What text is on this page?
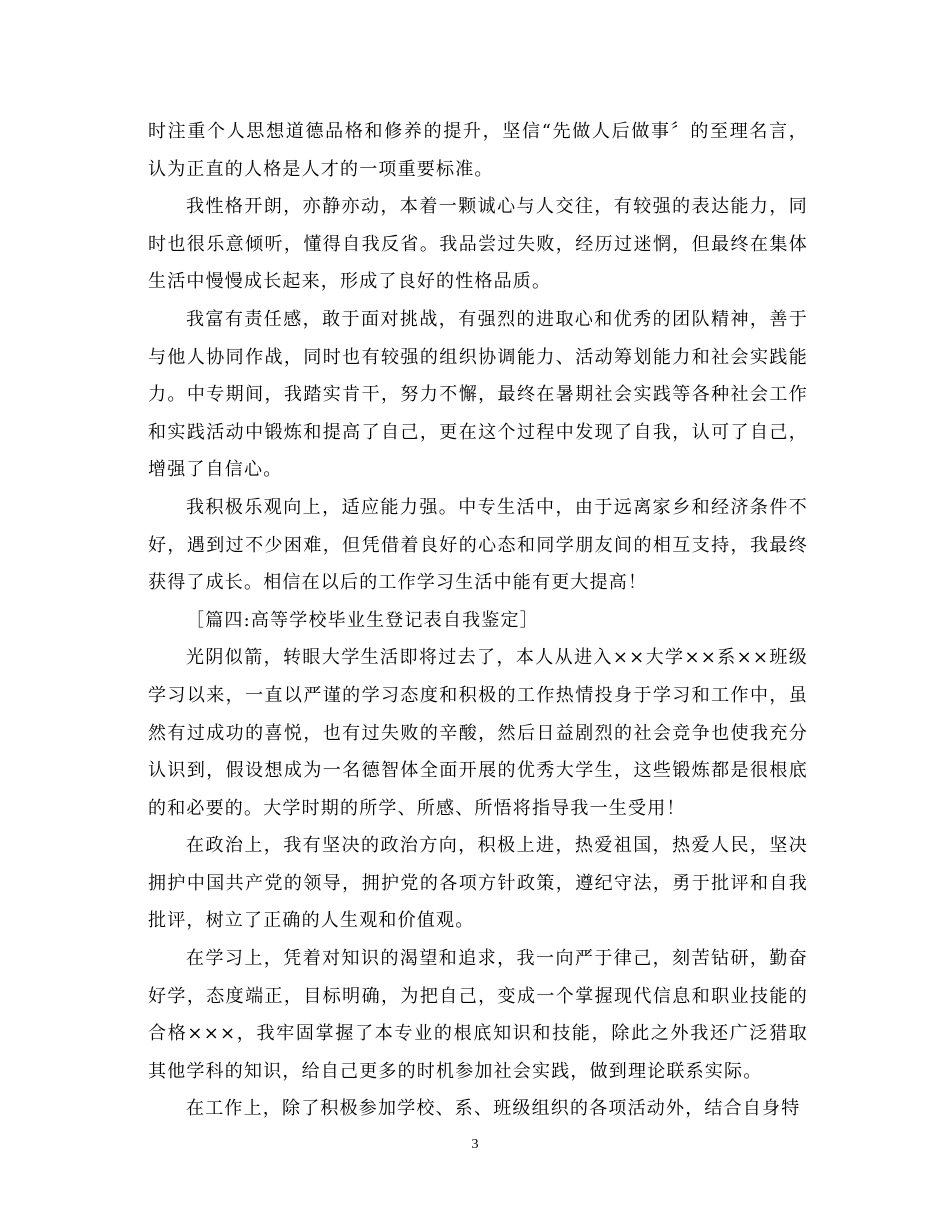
时注重个人思想道德品格和修养的提升，坚信“先做人后做事〞的至理名言，认为正直的人格是人才的一项重要标准。

我性格开朗，亦静亦动，本着一颗诚心与人交往，有较强的表达能力，同时也很乐意倾听，懂得自我反省。我品尝过失败，经历过迷惘，但最终在集体生活中慢慢成长起来，形成了良好的性格品质。

我富有责任感，敢于面对挑战，有强烈的进取心和优秀的团队精神，善于与他人协同作战，同时也有较强的组织协调能力、活动筹划能力和社会实践能力。中专期间，我踏实肯干，努力不懈，最终在暑期社会实践等各种社会工作和实践活动中锻炼和提高了自己，更在这个过程中发现了自我，认可了自己，增强了自信心。

我积极乐观向上，适应能力强。中专生活中，由于远离家乡和经济条件不好，遇到过不少困难，但凭借着良好的心态和同学朋友间的相互支持，我最终获得了成长。相信在以后的工作学习生活中能有更大提高！

［篇四:高等学校毕业生登记表自我鉴定］

光阴似箭，转眼大学生活即将过去了，本人从进入××大学××系××班级学习以来，一直以严谨的学习态度和积极的工作热情投身于学习和工作中，虽然有过成功的喜悦，也有过失败的辛酸，然后日益剧烈的社会竞争也使我充分认识到，假设想成为一名德智体全面开展的优秀大学生，这些锻炼都是很根底的和必要的。大学时期的所学、所感、所悟将指导我一生受用！

在政治上，我有坚决的政治方向，积极上进，热爱祖国，热爱人民，坚决拥护中国共产党的领导，拥护党的各项方针政策，遵纪守法，勇于批评和自我批评，树立了正确的人生观和价值观。

在学习上，凭着对知识的渴望和追求，我一向严于律己，刻苦钻研，勤奋好学，态度端正，目标明确，为把自己，变成一个掌握现代信息和职业技能的合格×××，我牢固掌握了本专业的根底知识和技能，除此之外我还广泛猎取其他学科的知识，给自己更多的时机参加社会实践，做到理论联系实际。

在工作上，除了积极参加学校、系、班级组织的各项活动外，结合自身特

3
